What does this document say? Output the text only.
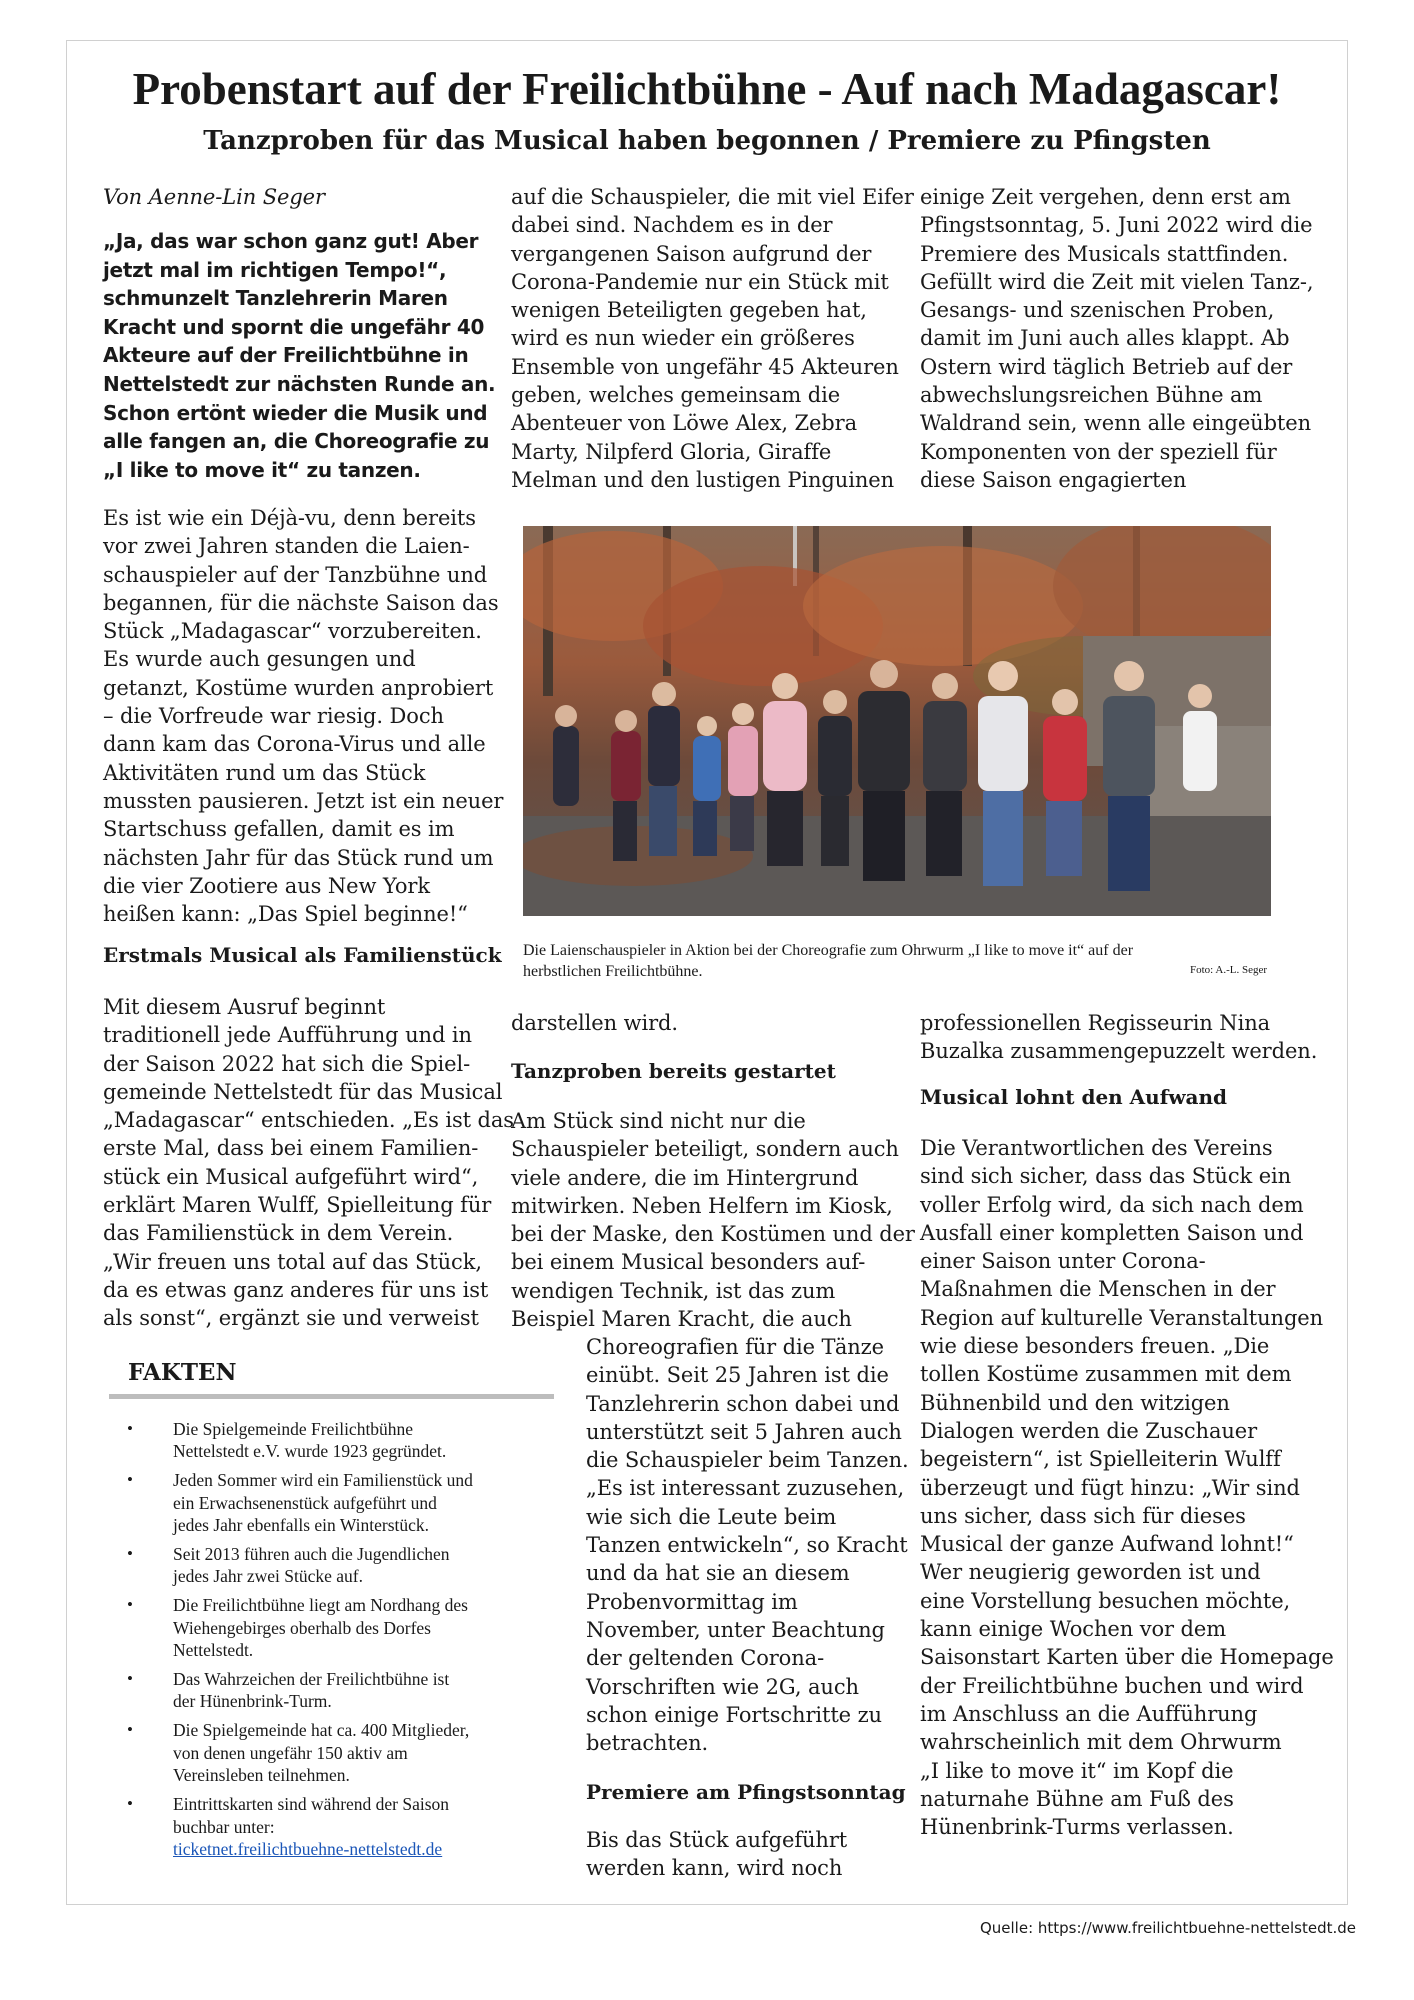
Probenstart auf der Freilichtbühne - Auf nach Madagascar!
Tanzproben für das Musical haben begonnen / Premiere zu Pfingsten

Von Aenne-Lin Seger

„Ja, das war schon ganz gut! Aber
jetzt mal im richtigen Tempo!“,
schmunzelt Tanzlehrerin Maren
Kracht und spornt die ungefähr 40
Akteure auf der Freilichtbühne in
Nettelstedt zur nächsten Runde an.
Schon ertönt wieder die Musik und
alle fangen an, die Choreografie zu
„I like to move it“ zu tanzen.

Es ist wie ein Déjà-vu, denn bereits
vor zwei Jahren standen die Laien-
schauspieler auf der Tanzbühne und
begannen, für die nächste Saison das
Stück „Madagascar“ vorzubereiten.
Es wurde auch gesungen und
getanzt, Kostüme wurden anprobiert
– die Vorfreude war riesig. Doch
dann kam das Corona-Virus und alle
Aktivitäten rund um das Stück
mussten pausieren. Jetzt ist ein neuer
Startschuss gefallen, damit es im
nächsten Jahr für das Stück rund um
die vier Zootiere aus New York
heißen kann: „Das Spiel beginne!“

Erstmals Musical als Familienstück

Mit diesem Ausruf beginnt
traditionell jede Aufführung und in
der Saison 2022 hat sich die Spiel-
gemeinde Nettelstedt für das Musical
„Madagascar“ entschieden. „Es ist das
erste Mal, dass bei einem Familien-
stück ein Musical aufgeführt wird“,
erklärt Maren Wulff, Spielleitung für
das Familienstück in dem Verein.
„Wir freuen uns total auf das Stück,
da es etwas ganz anderes für uns ist
als sonst“, ergänzt sie und verweist

auf die Schauspieler, die mit viel Eifer
dabei sind. Nachdem es in der
vergangenen Saison aufgrund der
Corona-Pandemie nur ein Stück mit
wenigen Beteiligten gegeben hat,
wird es nun wieder ein größeres
Ensemble von ungefähr 45 Akteuren
geben, welches gemeinsam die
Abenteuer von Löwe Alex, Zebra
Marty, Nilpferd Gloria, Giraffe
Melman und den lustigen Pinguinen

einige Zeit vergehen, denn erst am
Pfingstsonntag, 5. Juni 2022 wird die
Premiere des Musicals stattfinden.
Gefüllt wird die Zeit mit vielen Tanz-,
Gesangs- und szenischen Proben,
damit im Juni auch alles klappt. Ab
Ostern wird täglich Betrieb auf der
abwechslungsreichen Bühne am
Waldrand sein, wenn alle eingeübten
Komponenten von der speziell für
diese Saison engagierten

Die Laienschauspieler in Aktion bei der Choreografie zum Ohrwurm „I like to move it“ auf der
herbstlichen Freilichtbühne.	Foto: A.-L. Seger

darstellen wird.

Tanzproben bereits gestartet

Am Stück sind nicht nur die
Schauspieler beteiligt, sondern auch
viele andere, die im Hintergrund
mitwirken. Neben Helfern im Kiosk,
bei der Maske, den Kostümen und der
bei einem Musical besonders auf-
wendigen Technik, ist das zum
Beispiel Maren Kracht, die auch

Choreografien für die Tänze
einübt. Seit 25 Jahren ist die
Tanzlehrerin schon dabei und
unterstützt seit 5 Jahren auch
die Schauspieler beim Tanzen.
„Es ist interessant zuzusehen,
wie sich die Leute beim
Tanzen entwickeln“, so Kracht
und da hat sie an diesem
Probenvormittag im
November, unter Beachtung
der geltenden Corona-
Vorschriften wie 2G, auch
schon einige Fortschritte zu
betrachten.

Premiere am Pfingstsonntag

Bis das Stück aufgeführt
werden kann, wird noch

professionellen Regisseurin Nina
Buzalka zusammengepuzzelt werden.

Musical lohnt den Aufwand

Die Verantwortlichen des Vereins
sind sich sicher, dass das Stück ein
voller Erfolg wird, da sich nach dem
Ausfall einer kompletten Saison und
einer Saison unter Corona-
Maßnahmen die Menschen in der
Region auf kulturelle Veranstaltungen
wie diese besonders freuen. „Die
tollen Kostüme zusammen mit dem
Bühnenbild und den witzigen
Dialogen werden die Zuschauer
begeistern“, ist Spielleiterin Wulff
überzeugt und fügt hinzu: „Wir sind
uns sicher, dass sich für dieses
Musical der ganze Aufwand lohnt!“
Wer neugierig geworden ist und
eine Vorstellung besuchen möchte,
kann einige Wochen vor dem
Saisonstart Karten über die Homepage
der Freilichtbühne buchen und wird
im Anschluss an die Aufführung
wahrscheinlich mit dem Ohrwurm
„I like to move it“ im Kopf die
naturnahe Bühne am Fuß des
Hünenbrink-Turms verlassen.

FAKTEN

• Die Spielgemeinde Freilichtbühne
Nettelstedt e.V. wurde 1923 gegründet.
• Jeden Sommer wird ein Familienstück und
ein Erwachsenenstück aufgeführt und
jedes Jahr ebenfalls ein Winterstück.
• Seit 2013 führen auch die Jugendlichen
jedes Jahr zwei Stücke auf.
• Die Freilichtbühne liegt am Nordhang des
Wiehengebirges oberhalb des Dorfes
Nettelstedt.
• Das Wahrzeichen der Freilichtbühne ist
der Hünenbrink-Turm.
• Die Spielgemeinde hat ca. 400 Mitglieder,
von denen ungefähr 150 aktiv am
Vereinsleben teilnehmen.
• Eintrittskarten sind während der Saison
buchbar unter:
ticketnet.freilichtbuehne-nettelstedt.de

Quelle: https://www.freilichtbuehne-nettelstedt.de
